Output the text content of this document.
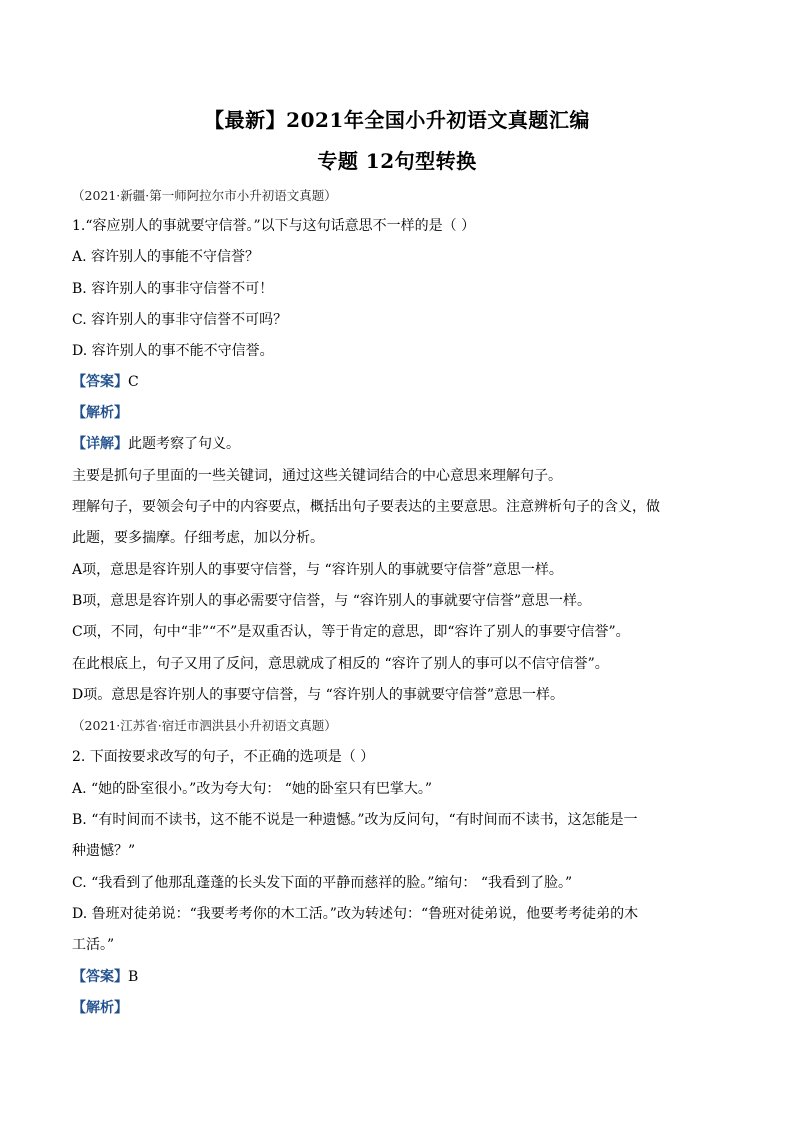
【最新】2021年全国小升初语文真题汇编
专题 12句型转换
（2021·新疆·第一师阿拉尔市小升初语文真题）
1.“容应别人的事就要守信誉。”以下与这句话意思不一样的是（ ）
A. 容许别人的事能不守信誉？
B. 容许别人的事非守信誉不可！
C. 容许别人的事非守信誉不可吗？
D. 容许别人的事不能不守信誉。
【答案】C
【解析】
【详解】此题考察了句义。
主要是抓句子里面的一些关键词，通过这些关键词结合的中心意思来理解句子。
理解句子，要领会句子中的内容要点，概括出句子要表达的主要意思。注意辨析句子的含义，做
此题，要多揣摩。仔细考虑，加以分析。
A项，意思是容许别人的事要守信誉，与 “容许别人的事就要守信誉”意思一样。
B项，意思是容许别人的事必需要守信誉，与 “容许别人的事就要守信誉”意思一样。
C项，不同，句中“非”“不”是双重否认，等于肯定的意思，即“容许了别人的事要守信誉”。
在此根底上，句子又用了反问，意思就成了相反的 “容许了别人的事可以不信守信誉”。
D项。意思是容许别人的事要守信誉，与 “容许别人的事就要守信誉”意思一样。
（2021·江苏省·宿迁市泗洪县小升初语文真题）
2. 下面按要求改写的句子，不正确的选项是（ ）
A. “她的卧室很小。”改为夸大句： “她的卧室只有巴掌大。”
B. “有时间而不读书，这不能不说是一种遗憾。”改为反问句，“有时间而不读书，这怎能是一
种遗憾？”
C. “我看到了他那乱蓬蓬的长头发下面的平静而慈祥的脸。”缩句： “我看到了脸。”
D. 鲁班对徒弟说：“我要考考你的木工活。”改为转述句：“鲁班对徒弟说，他要考考徒弟的木
工活。”
【答案】B
【解析】
